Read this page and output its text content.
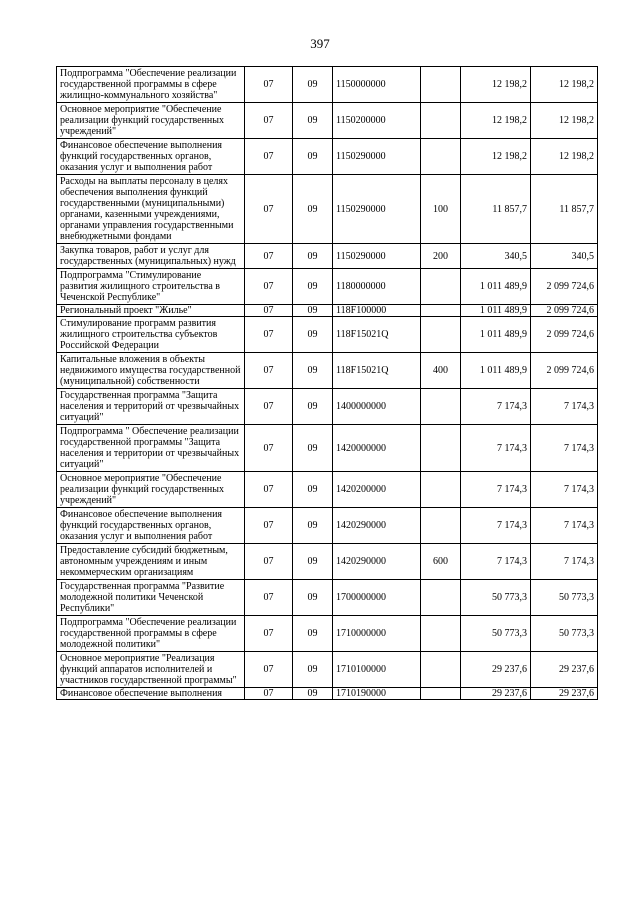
397
Подпрограмма "Обеспечение реализации государственной программы в сфере жилищно-коммунального хозяйства"	07	09	1150000000		12 198,2	12 198,2
Основное мероприятие "Обеспечение реализации функций государственных учреждений"	07	09	1150200000		12 198,2	12 198,2
Финансовое обеспечение выполнения функций государственных органов, оказания услуг и выполнения работ	07	09	1150290000		12 198,2	12 198,2
Расходы на выплаты персоналу в целях обеспечения выполнения функций государственными (муниципальными) органами, казенными учреждениями, органами управления государственными внебюджетными фондами	07	09	1150290000	100	11 857,7	11 857,7
Закупка товаров, работ и услуг для государственных (муниципальных) нужд	07	09	1150290000	200	340,5	340,5
Подпрограмма "Стимулирование развития жилищного строительства в Чеченской Республике"	07	09	1180000000		1 011 489,9	2 099 724,6
Региональный проект "Жилье"	07	09	118F100000		1 011 489,9	2 099 724,6
Стимулирование программ развития жилищного строительства субъектов Российской Федерации	07	09	118F15021Q		1 011 489,9	2 099 724,6
Капитальные вложения в объекты недвижимого имущества государственной (муниципальной) собственности	07	09	118F15021Q	400	1 011 489,9	2 099 724,6
Государственная программа "Защита населения и территорий от чрезвычайных ситуаций"	07	09	1400000000		7 174,3	7 174,3
Подпрограмма " Обеспечение реализации государственной программы "Защита населения и территории от чрезвычайных ситуаций"	07	09	1420000000		7 174,3	7 174,3
Основное мероприятие "Обеспечение реализации функций государственных учреждений"	07	09	1420200000		7 174,3	7 174,3
Финансовое обеспечение выполнения функций государственных органов, оказания услуг и выполнения работ	07	09	1420290000		7 174,3	7 174,3
Предоставление субсидий бюджетным, автономным учреждениям и иным некоммерческим организациям	07	09	1420290000	600	7 174,3	7 174,3
Государственная программа "Развитие молодежной политики Чеченской Республики"	07	09	1700000000		50 773,3	50 773,3
Подпрограмма "Обеспечение реализации государственной программы в сфере молодежной политики"	07	09	1710000000		50 773,3	50 773,3
Основное мероприятие "Реализация функций аппаратов исполнителей и участников государственной программы"	07	09	1710100000		29 237,6	29 237,6
Финансовое обеспечение выполнения	07	09	1710190000		29 237,6	29 237,6
